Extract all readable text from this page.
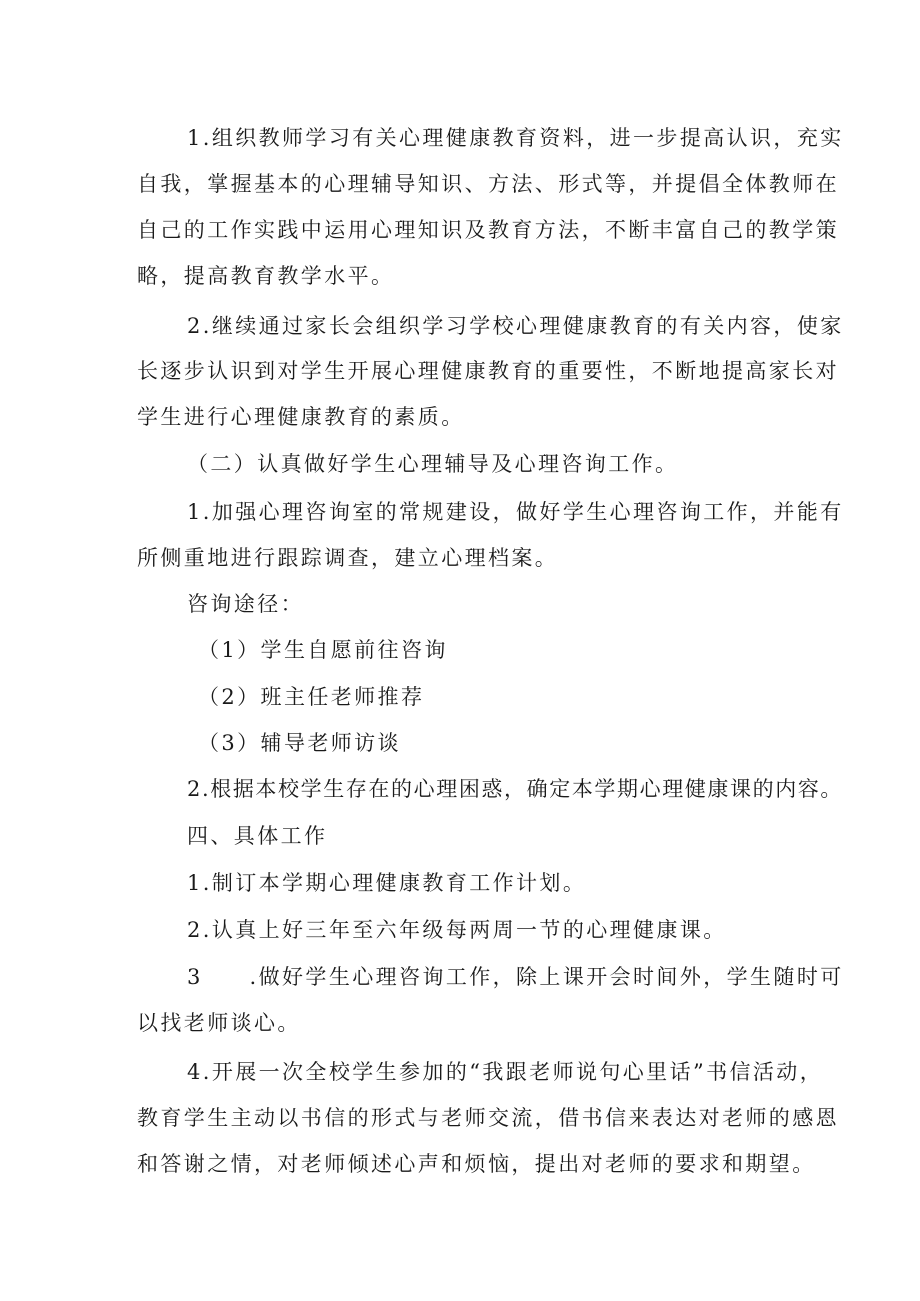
1.组织教师学习有关心理健康教育资料，进一步提高认识，充实
自我，掌握基本的心理辅导知识、方法、形式等，并提倡全体教师在
自己的工作实践中运用心理知识及教育方法，不断丰富自己的教学策
略，提高教育教学水平。
2.继续通过家长会组织学习学校心理健康教育的有关内容，使家
长逐步认识到对学生开展心理健康教育的重要性，不断地提高家长对
学生进行心理健康教育的素质。
（二）认真做好学生心理辅导及心理咨询工作。
1.加强心理咨询室的常规建设，做好学生心理咨询工作，并能有
所侧重地进行跟踪调查，建立心理档案。
咨询途径：
（1）学生自愿前往咨询
（2）班主任老师推荐
（3）辅导老师访谈
2.根据本校学生存在的心理困惑，确定本学期心理健康课的内容。
四、具体工作
1.制订本学期心理健康教育工作计划。
2.认真上好三年至六年级每两周一节的心理健康课。
3　　.做好学生心理咨询工作，除上课开会时间外，学生随时可
以找老师谈心。
4.开展一次全校学生参加的“我跟老师说句心里话”书信活动，
教育学生主动以书信的形式与老师交流，借书信来表达对老师的感恩
和答谢之情，对老师倾述心声和烦恼，提出对老师的要求和期望。
